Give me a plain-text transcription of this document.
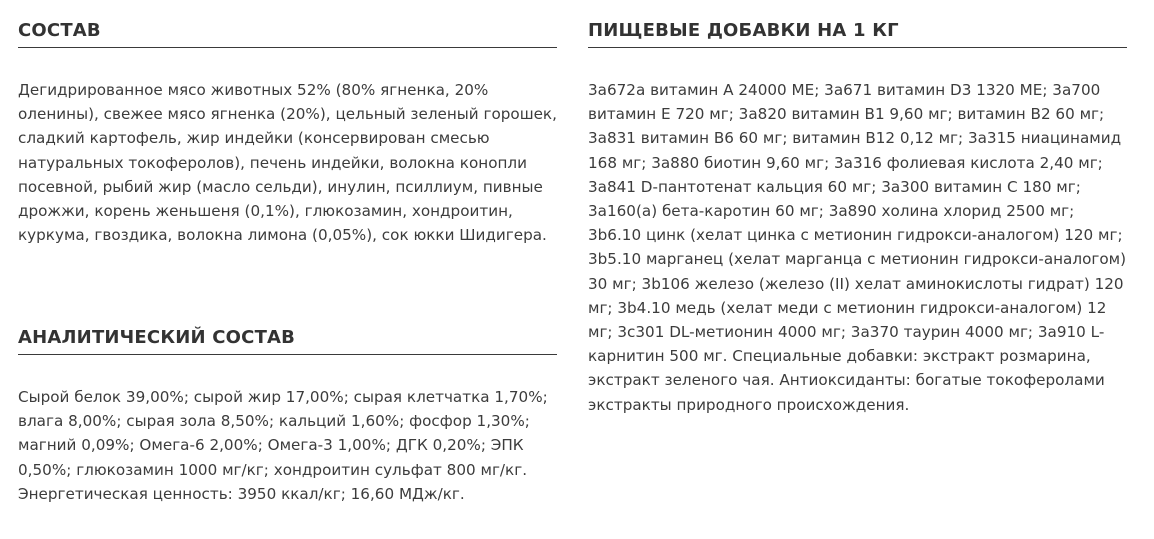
СОСТАВ
Дегидрированное мясо животных 52% (80% ягненка, 20% оленины), свежее мясо ягненка (20%), цельный зеленый горошек, сладкий картофель, жир индейки (консервирован смесью натуральных токоферолов), печень индейки, волокна конопли посевной, рыбий жир (масло сельди), инулин, псиллиум, пивные дрожжи, корень женьшеня (0,1%), глюкозамин, хондроитин, куркума, гвоздика, волокна лимона (0,05%), сок юкки Шидигера.
АНАЛИТИЧЕСКИЙ СОСТАВ
Сырой белок 39,00%; сырой жир 17,00%; сырая клетчатка 1,70%; влага 8,00%; сырая зола 8,50%; кальций 1,60%; фосфор 1,30%; магний 0,09%; Омега-6 2,00%; Омега-3 1,00%; ДГК 0,20%; ЭПК 0,50%; глюкозамин 1000 мг/кг; хондроитин сульфат 800 мг/кг. Энергетическая ценность: 3950 ккал/кг; 16,60 МДж/кг.
ПИЩЕВЫЕ ДОБАВКИ НА 1 КГ
3a672a витамин A 24000 МЕ; 3a671 витамин D3 1320 МЕ; 3a700 витамин E 720 мг; 3a820 витамин B1 9,60 мг; витамин B2 60 мг; 3a831 витамин B6 60 мг; витамин B12 0,12 мг; 3a315 ниацинамид 168 мг; 3a880 биотин 9,60 мг; 3a316 фолиевая кислота 2,40 мг; 3a841 D-пантотенат кальция 60 мг; 3a300 витамин C 180 мг; 3a160(a) бета-каротин 60 мг; 3a890 холина хлорид 2500 мг; 3b6.10 цинк (хелат цинка с метионин гидрокси-аналогом) 120 мг; 3b5.10 марганец (хелат марганца с метионин гидрокси-аналогом) 30 мг; 3b106 железо (железо (II) хелат аминокислоты гидрат) 120 мг; 3b4.10 медь (хелат меди с метионин гидрокси-аналогом) 12 мг; 3c301 DL-метионин 4000 мг; 3a370 таурин 4000 мг; 3a910 L-карнитин 500 мг. Специальные добавки: экстракт розмарина, экстракт зеленого чая. Антиоксиданты: богатые токоферолами экстракты природного происхождения.
